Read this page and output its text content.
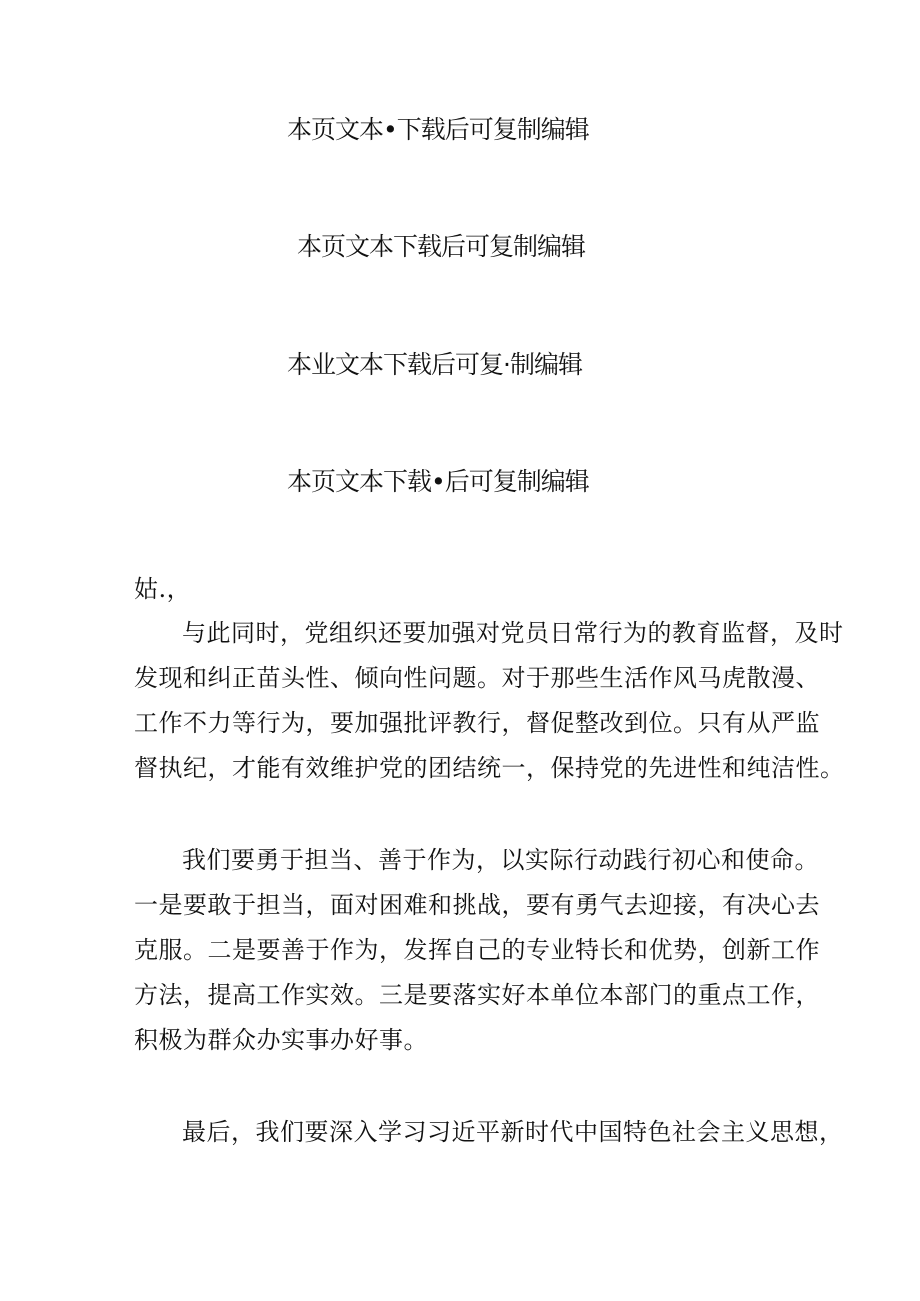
本页文本•下载后可复制编辑
本页文本下载后可复制编辑
本业文本下载后可复·制编辑
本页文本下载•后可复制编辑
姑.，
与此同时，党组织还要加强对党员日常行为的教育监督，及时
发现和纠正苗头性、倾向性问题。对于那些生活作风马虎散漫、
工作不力等行为，要加强批评教行，督促整改到位。只有从严监
督执纪，才能有效维护党的团结统一，保持党的先进性和纯洁性。
我们要勇于担当、善于作为，以实际行动践行初心和使命。
一是要敢于担当，面对困难和挑战，要有勇气去迎接，有决心去
克服。二是要善于作为，发挥自己的专业特长和优势，创新工作
方法，提高工作实效。三是要落实好本单位本部门的重点工作，
积极为群众办实事办好事。
最后，我们要深入学习习近平新时代中国特色社会主义思想，
